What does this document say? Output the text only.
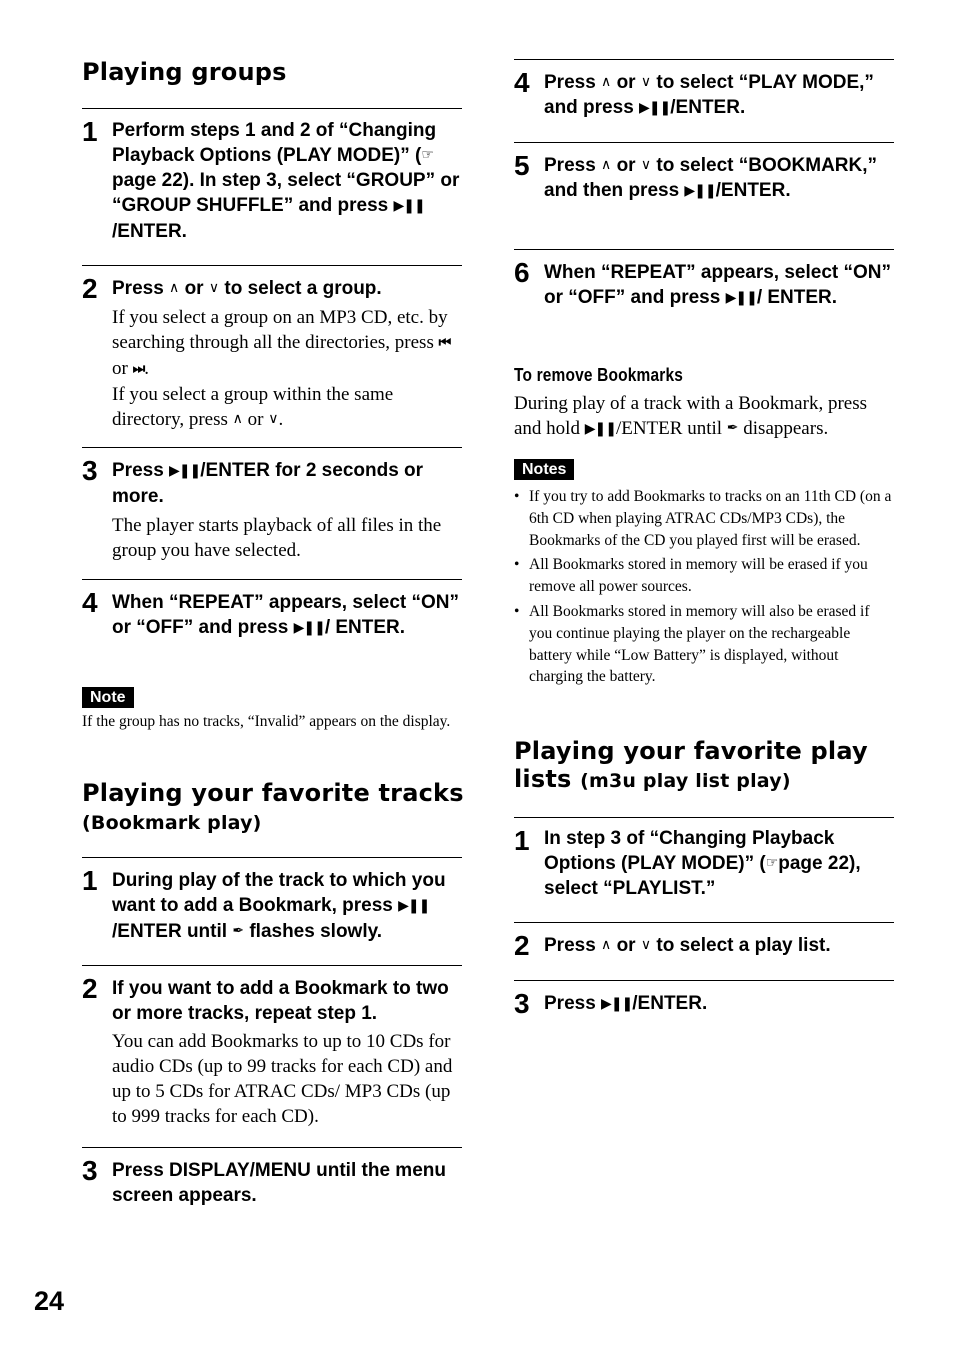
Playing groups
1 Perform steps 1 and 2 of “Changing Playback Options (PLAY MODE)” (☞ page 22). In step 3, select “GROUP” or “GROUP SHUFFLE” and press ▶❚❚/ENTER.
2 Press ∧ or ∨ to select a group.
If you select a group on an MP3 CD, etc. by searching through all the directories, press ⏮ or ⏭.
If you select a group within the same directory, press ∧ or ∨.
3 Press ▶❚❚/ENTER for 2 seconds or more.
The player starts playback of all files in the group you have selected.
4 When “REPEAT” appears, select “ON” or “OFF” and press ▶❚❚/ ENTER.
Note
If the group has no tracks, “Invalid” appears on the display.
Playing your favorite tracks (Bookmark play)
1 During play of the track to which you want to add a Bookmark, press ▶❚❚/ENTER until ✒ flashes slowly.
2 If you want to add a Bookmark to two or more tracks, repeat step 1.
You can add Bookmarks to up to 10 CDs for audio CDs (up to 99 tracks for each CD) and up to 5 CDs for ATRAC CDs/ MP3 CDs (up to 999 tracks for each CD).
3 Press DISPLAY/MENU until the menu screen appears.
4 Press ∧ or ∨ to select “PLAY MODE,” and press ▶❚❚/ENTER.
5 Press ∧ or ∨ to select “BOOKMARK,” and then press ▶❚❚/ENTER.
6 When “REPEAT” appears, select “ON” or “OFF” and press ▶❚❚/ ENTER.
To remove Bookmarks
During play of a track with a Bookmark, press and hold ▶❚❚/ENTER until ✒ disappears.
Notes
• If you try to add Bookmarks to tracks on an 11th CD (on a 6th CD when playing ATRAC CDs/MP3 CDs), the Bookmarks of the CD you played first will be erased.
• All Bookmarks stored in memory will be erased if you remove all power sources.
• All Bookmarks stored in memory will also be erased if you continue playing the player on the rechargeable battery while “Low Battery” is displayed, without charging the battery.
Playing your favorite play lists (m3u play list play)
1 In step 3 of “Changing Playback Options (PLAY MODE)” (☞page 22), select “PLAYLIST.”
2 Press ∧ or ∨ to select a play list.
3 Press ▶❚❚/ENTER.
24
